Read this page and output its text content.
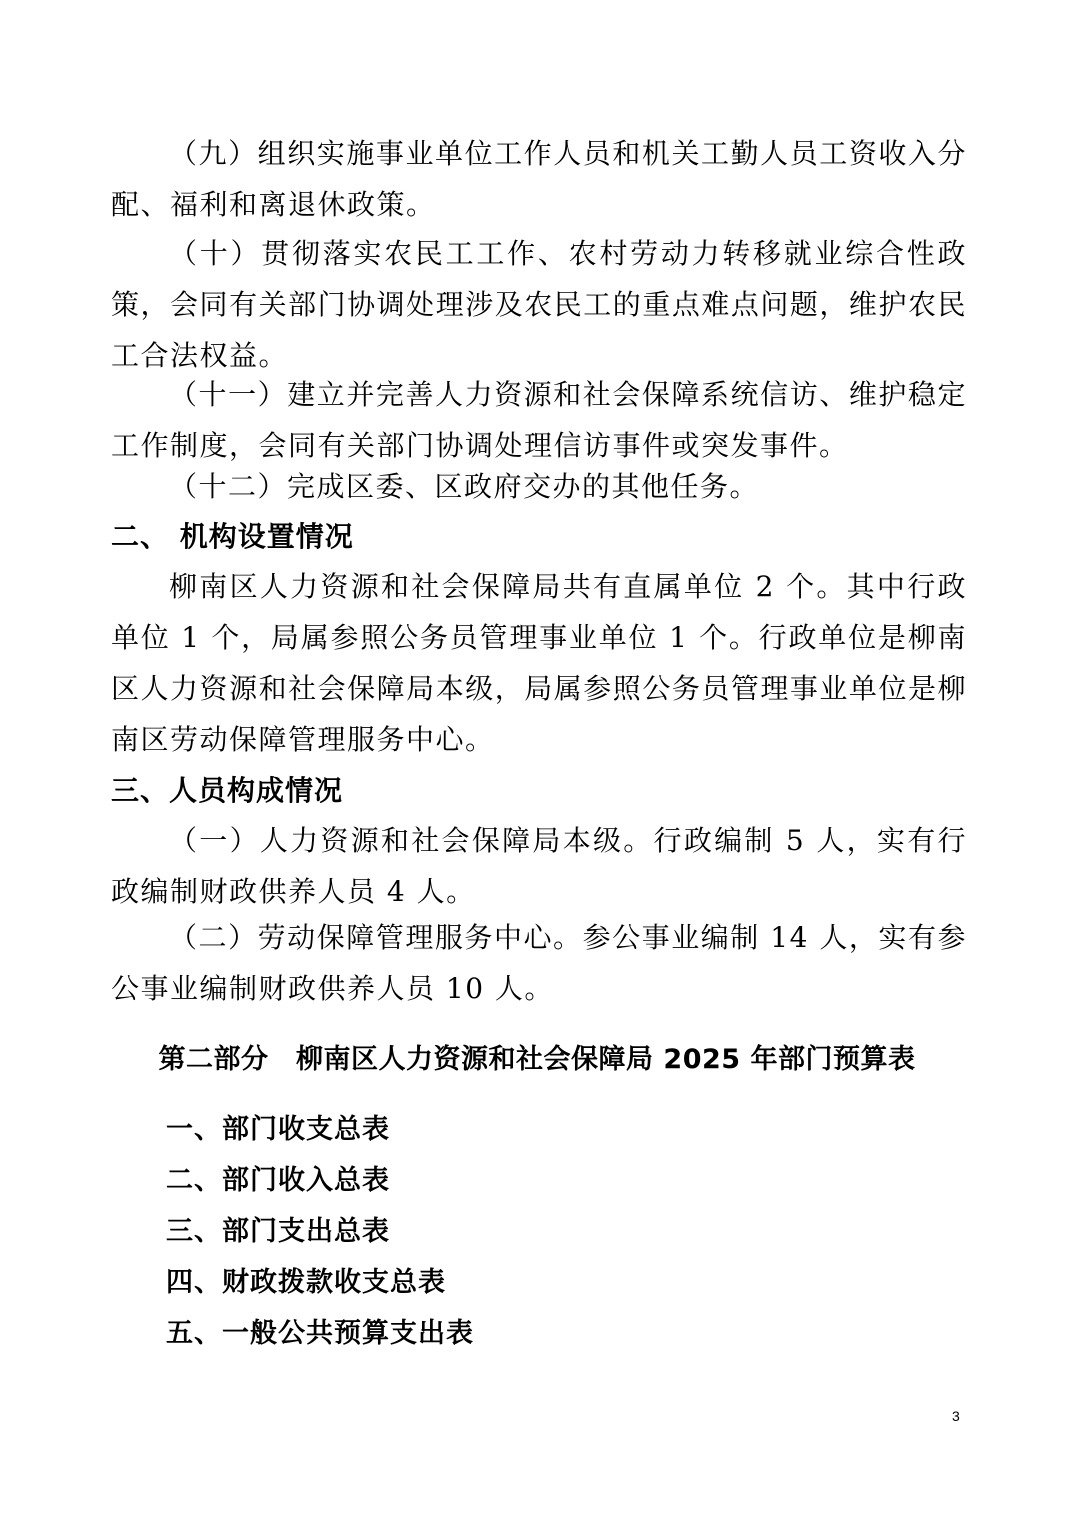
（九）组织实施事业单位工作人员和机关工勤人员工资收入分配、福利和离退休政策。

（十）贯彻落实农民工工作、农村劳动力转移就业综合性政策，会同有关部门协调处理涉及农民工的重点难点问题，维护农民工合法权益。

（十一）建立并完善人力资源和社会保障系统信访、维护稳定工作制度，会同有关部门协调处理信访事件或突发事件。

（十二）完成区委、区政府交办的其他任务。

二、 机构设置情况

柳南区人力资源和社会保障局共有直属单位 2 个。其中行政单位 1 个，局属参照公务员管理事业单位 1 个。行政单位是柳南区人力资源和社会保障局本级，局属参照公务员管理事业单位是柳南区劳动保障管理服务中心。

三、人员构成情况

（一）人力资源和社会保障局本级。行政编制 5 人，实有行政编制财政供养人员 4 人。

（二）劳动保障管理服务中心。参公事业编制 14 人，实有参公事业编制财政供养人员 10 人。

第二部分　柳南区人力资源和社会保障局 2025 年部门预算表
一、部门收支总表
二、部门收入总表
三、部门支出总表
四、财政拨款收支总表
五、一般公共预算支出表
3
